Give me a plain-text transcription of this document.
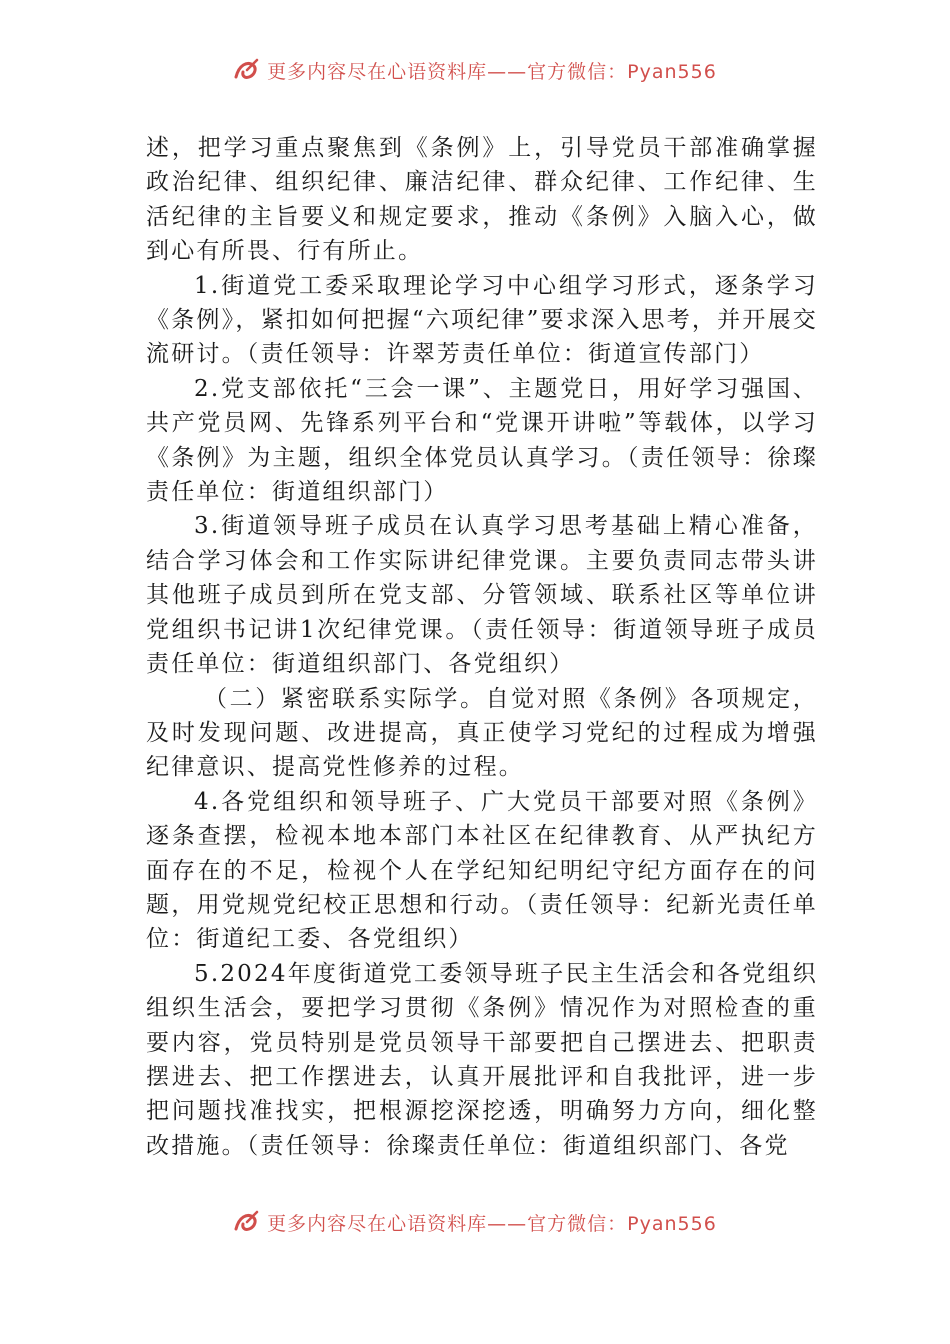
更多内容尽在心语资料库——官方微信：Pyan556

述，把学习重点聚焦到《条例》上，引导党员干部准确掌握政治纪律、组织纪律、廉洁纪律、群众纪律、工作纪律、生活纪律的主旨要义和规定要求，推动《条例》入脑入心，做到心有所畏、行有所止。

1.街道党工委采取理论学习中心组学习形式，逐条学习《条例》，紧扣如何把握“六项纪律”要求深入思考，并开展交流研讨。（责任领导：许翠芳责任单位：街道宣传部门）

2.党支部依托“三会一课”、主题党日，用好学习强国、共产党员网、先锋系列平台和“党课开讲啦”等载体，以学习《条例》为主题，组织全体党员认真学习。（责任领导：徐璨责任单位：街道组织部门）

3.街道领导班子成员在认真学习思考基础上精心准备，结合学习体会和工作实际讲纪律党课。主要负责同志带头讲其他班子成员到所在党支部、分管领域、联系社区等单位讲党组织书记讲1次纪律党课。（责任领导：街道领导班子成员责任单位：街道组织部门、各党组织）

（二）紧密联系实际学。自觉对照《条例》各项规定，及时发现问题、改进提高，真正使学习党纪的过程成为增强纪律意识、提高党性修养的过程。

4.各党组织和领导班子、广大党员干部要对照《条例》逐条查摆，检视本地本部门本社区在纪律教育、从严执纪方面存在的不足，检视个人在学纪知纪明纪守纪方面存在的问题，用党规党纪校正思想和行动。（责任领导：纪新光责任单位：街道纪工委、各党组织）

5.2024年度街道党工委领导班子民主生活会和各党组织组织生活会，要把学习贯彻《条例》情况作为对照检查的重要内容，党员特别是党员领导干部要把自己摆进去、把职责摆进去、把工作摆进去，认真开展批评和自我批评，进一步把问题找准找实，把根源挖深挖透，明确努力方向，细化整改措施。（责任领导：徐璨责任单位：街道组织部门、各党

更多内容尽在心语资料库——官方微信：Pyan556
